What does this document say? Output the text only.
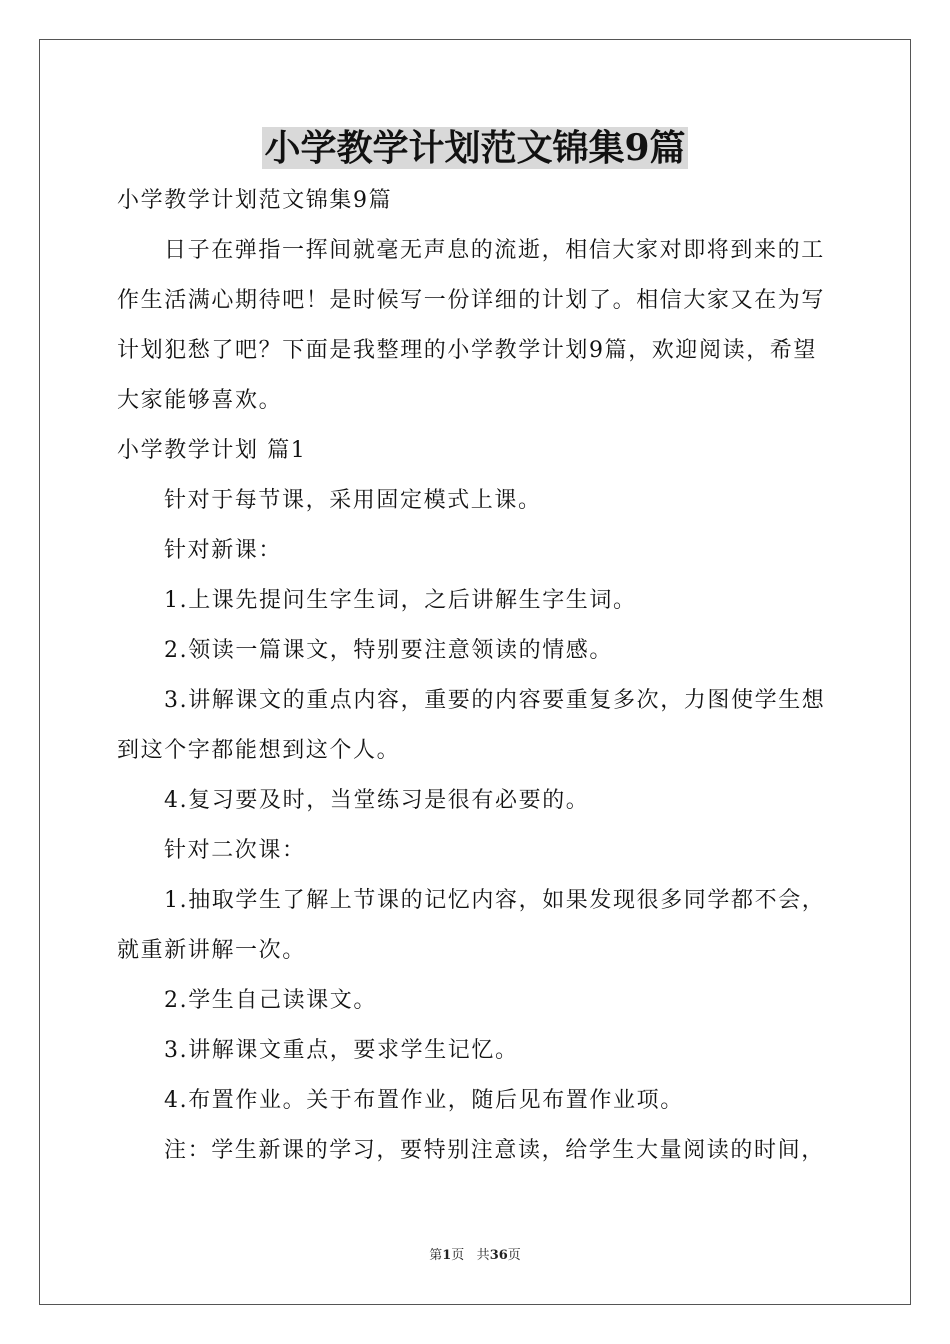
小学教学计划范文锦集9篇

小学教学计划范文锦集9篇

日子在弹指一挥间就毫无声息的流逝，相信大家对即将到来的工作生活满心期待吧！是时候写一份详细的计划了。相信大家又在为写计划犯愁了吧？下面是我整理的小学教学计划9篇，欢迎阅读，希望大家能够喜欢。

小学教学计划 篇1

针对于每节课，采用固定模式上课。

针对新课：

1.上课先提问生字生词，之后讲解生字生词。

2.领读一篇课文，特别要注意领读的情感。

3.讲解课文的重点内容，重要的内容要重复多次，力图使学生想到这个字都能想到这个人。

4.复习要及时，当堂练习是很有必要的。

针对二次课：

1.抽取学生了解上节课的记忆内容，如果发现很多同学都不会，就重新讲解一次。

2.学生自己读课文。

3.讲解课文重点，要求学生记忆。

4.布置作业。关于布置作业，随后见布置作业项。

注：学生新课的学习，要特别注意读，给学生大量阅读的时间，

第1页 共36页
